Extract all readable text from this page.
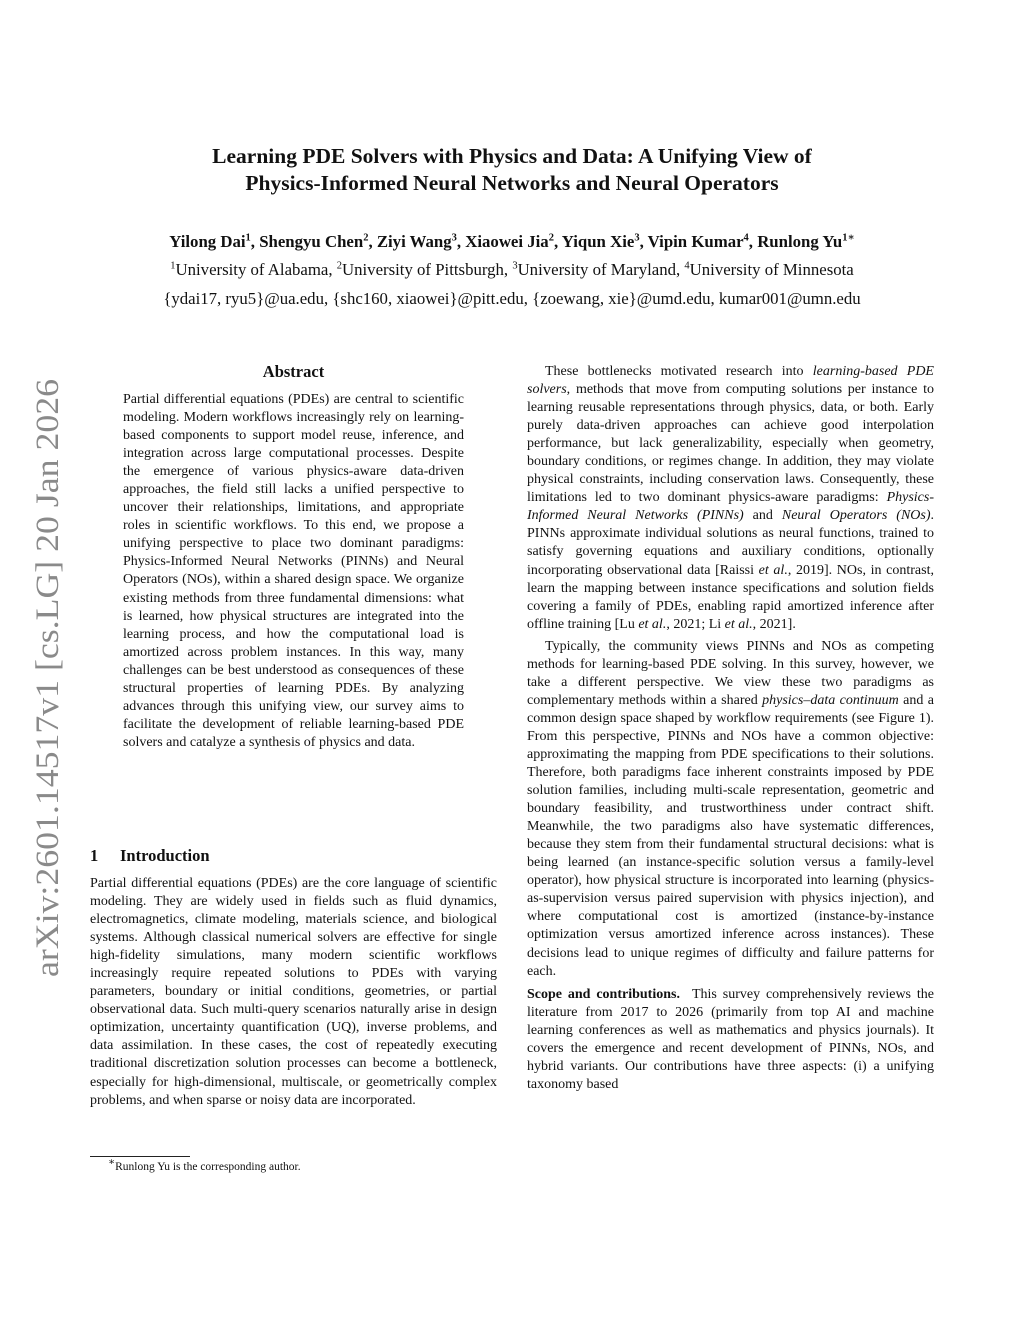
arXiv:2601.14517v1 [cs.LG] 20 Jan 2026
Learning PDE Solvers with Physics and Data: A Unifying View of
Physics-Informed Neural Networks and Neural Operators
Yilong Dai$^1$, Shengyu Chen$^2$, Ziyi Wang$^3$, Xiaowei Jia$^2$, Yiqun Xie$^3$, Vipin Kumar$^4$, Runlong $Yu^{1∗}$
$^1$University of Alabama, $^2$University of Pittsburgh, $^3$University of Maryland, $^4$University of Minnesota
{ydai17, ryu5}@ua.edu, {shc160, xiaowei}@pitt.edu, {zoewang, xie}@umd.edu, kumar001@umn.edu
Abstract

Partial differential equations (PDEs) are central to scientific modeling. Modern workflows increasingly rely on learning-based components to support model reuse, inference, and integration across large computational processes. Despite the emergence of various physics-aware data-driven approaches, the field still lacks a unified perspective to uncover their relationships, limitations, and appropriate roles in scientific workflows. To this end, we propose a unifying perspective to place two dominant paradigms: Physics-Informed Neural Networks (PINNs) and Neural Operators (NOs), within a shared design space. We organize existing methods from three fundamental dimensions: what is learned, how physical structures are integrated into the learning process, and how the computational load is amortized across problem instances. In this way, many challenges can be best understood as consequences of these structural properties of learning PDEs. By analyzing advances through this unifying view, our survey aims to facilitate the development of reliable learning-based PDE solvers and catalyze a synthesis of physics and data.

1 Introduction

Partial differential equations (PDEs) are the core language of scientific modeling. They are widely used in fields such as fluid dynamics, electromagnetics, climate modeling, materials science, and biological systems. Although classical numerical solvers are effective for single high-fidelity simulations, many modern scientific workflows increasingly require repeated solutions to PDEs with varying parameters, boundary or initial conditions, geometries, or partial observational data. Such multi-query scenarios naturally arise in design optimization, uncertainty quantification (UQ), inverse problems, and data assimilation. In these cases, the cost of repeatedly executing traditional discretization solution processes can become a bottleneck, especially for high-dimensional, multiscale, or geometrically complex problems, and when sparse or noisy data are incorporated.

∗Runlong Yu is the corresponding author.

These bottlenecks motivated research into learning-based PDE solvers, methods that move from computing solutions per instance to learning reusable representations through physics, data, or both. Early purely data-driven approaches can achieve good interpolation performance, but lack generalizability, especially when geometry, boundary conditions, or regimes change. In addition, they may violate physical constraints, including conservation laws. Consequently, these limitations led to two dominant physics-aware paradigms: Physics-Informed Neural Networks (PINNs) and Neural Operators (NOs). PINNs approximate individual solutions as neural functions, trained to satisfy governing equations and auxiliary conditions, optionally incorporating observational data [Raissi et al., 2019]. NOs, in contrast, learn the mapping between instance specifications and solution fields covering a family of PDEs, enabling rapid amortized inference after offline training [Lu et al., 2021; Li et al., 2021].

Typically, the community views PINNs and NOs as competing methods for learning-based PDE solving. In this survey, however, we take a different perspective. We view these two paradigms as complementary methods within a shared physics–data continuum and a common design space shaped by workflow requirements (see Figure 1). From this perspective, PINNs and NOs have a common objective: approximating the mapping from PDE specifications to their solutions. Therefore, both paradigms face inherent constraints imposed by PDE solution families, including multi-scale representation, geometric and boundary feasibility, and trustworthiness under contract shift. Meanwhile, the two paradigms also have systematic differences, because they stem from their fundamental structural decisions: what is being learned (an instance-specific solution versus a family-level operator), how physical structure is incorporated into learning (physics-as-supervision versus paired supervision with physics injection), and where computational cost is amortized (instance-by-instance optimization versus amortized inference across instances). These decisions lead to unique regimes of difficulty and failure patterns for each.

Scope and contributions. This survey comprehensively reviews the literature from 2017 to 2026 (primarily from top AI and machine learning conferences as well as mathematics and physics journals). It covers the emergence and recent development of PINNs, NOs, and hybrid variants. Our contributions have three aspects: (i) a unifying taxonomy based
